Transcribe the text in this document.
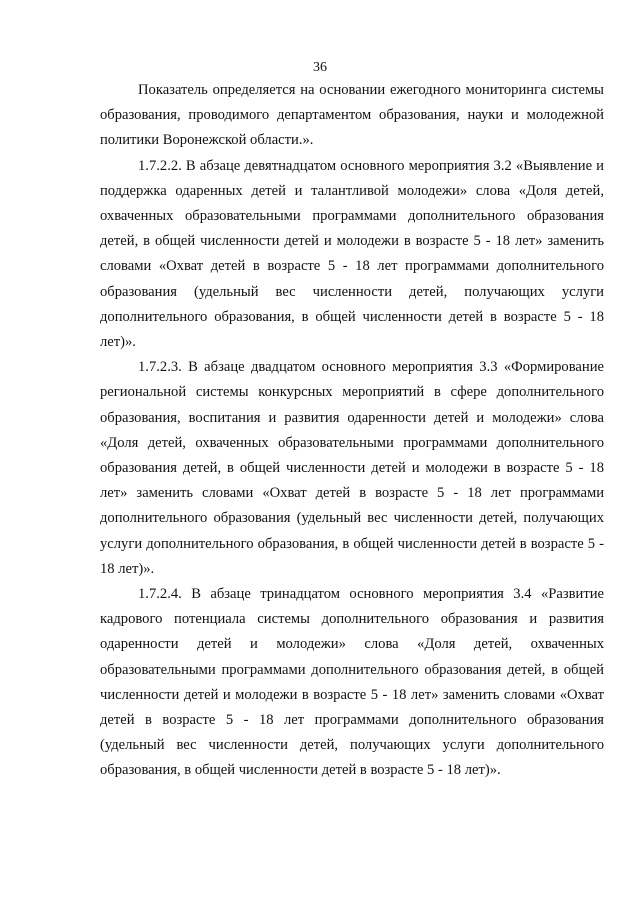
36

Показатель определяется на основании ежегодного мониторинга системы образования, проводимого департаментом образования, науки и молодежной политики Воронежской области.».

1.7.2.2. В абзаце девятнадцатом основного мероприятия 3.2 «Выявление и поддержка одаренных детей и талантливой молодежи» слова «Доля детей, охваченных образовательными программами дополнительного образования детей, в общей численности детей и молодежи в возрасте 5 - 18 лет» заменить словами «Охват детей в возрасте 5 - 18 лет программами дополнительного образования (удельный вес численности детей, получающих услуги дополнительного образования, в общей численности детей в возрасте 5 - 18 лет)».

1.7.2.3. В абзаце двадцатом основного мероприятия 3.3 «Формирование региональной системы конкурсных мероприятий в сфере дополнительного образования, воспитания и развития одаренности детей и молодежи» слова «Доля детей, охваченных образовательными программами дополнительного образования детей, в общей численности детей и молодежи в возрасте 5 - 18 лет» заменить словами «Охват детей в возрасте 5 - 18 лет программами дополнительного образования (удельный вес численности детей, получающих услуги дополнительного образования, в общей численности детей в возрасте 5 - 18 лет)».

1.7.2.4. В абзаце тринадцатом основного мероприятия 3.4 «Развитие кадрового потенциала системы дополнительного образования и развития одаренности детей и молодежи» слова «Доля детей, охваченных образовательными программами дополнительного образования детей, в общей численности детей и молодежи в возрасте 5 - 18 лет» заменить словами «Охват детей в возрасте 5 - 18 лет программами дополнительного образования (удельный вес численности детей, получающих услуги дополнительного образования, в общей численности детей в возрасте 5 - 18 лет)».
